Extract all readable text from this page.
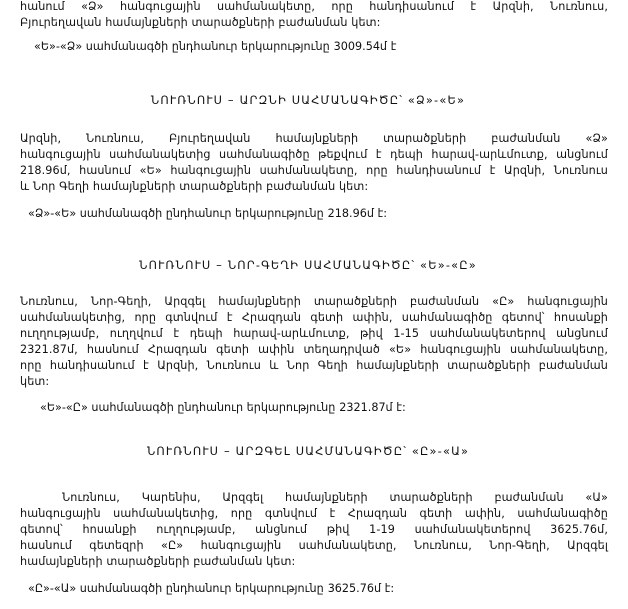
hանում «Ձ» hանգուցային սահմանակետը, որը hանդիսանում է Արզնի, Նուռնուս,
Բյուրեղավան hամայնքների տարածքների բաժանման կետ:
«Ե»-«Ձ» սահմանագծի ընդհանուր երկարությունը 3009.54մ է
ՆՈՒՌՆՈՒՍ – ԱՐԶՆԻ ՍԱՀՄԱՆԱԳԻԾԸ՝ «Ձ»-«Ե»
Արզնի, Նուռնուս, Բյուրեղավան hամայնքների տարածքների բաժանման «Ձ»
hանգուցային սահմանակետից սահմանագիծը թեքվում է դեպի hարավ-արևմուտք, անցնում
218.96մ, hասնում «Ե» hանգուցային սահմանակետը, որը hանդիսանում է Արզնի, Նուռնուս
և Նոր Գեղի hամայնքների տարածքների բաժանման կետ:
«Ձ»-«Ե» սահմանագծի ընդհանուր երկարությունը 218.96մ է:
ՆՈՒՌՆՈՒՍ – ՆՈՐ-ԳԵՂԻ ՍԱՀՄԱՆԱԳԻԾԸ՝ «Ե»-«Ը»
Նուռնուս, Նոր-Գեղի, Արզգել hամայնքների տարածքների բաժանման «Ը» hանգուցային
սահմանակետից, որը գտնվում է Հրազդան գետի ափին, սահմանագիծը գետով՝ հոսանքի
ուղղությամբ, ուղղվում է դեպի hարավ-արևմուտք, թիվ 1-15 սահմանակետերով անցնում
2321.87մ, hասնում Հրազդան գետի ափին տեղադրված «Ե» hանգուցային սահմանակետը,
որը hանդիսանում է Արզնի, Նուռնուս և Նոր Գեղի hամայնքների տարածքների բաժանման
կետ:
«Ե»-«Ը» սահմանագծի ընդհանուր երկարությունը 2321.87մ է:
ՆՈՒՌՆՈՒՍ – ԱՐԶԳԵԼ ՍԱՀՄԱՆԱԳԻԾԸ՝ «Ը»-«Ա»
Նուռնուս, Կարենիս, Արզգել hամայնքների տարածքների բաժանման «Ա»
hանգուցային սահմանակետից, որը գտնվում է Հրազդան գետի ափին, սահմանագիծը
գետով՝ հոսանքի ուղղությամբ, անցնում թիվ 1-19 սահմանակետերով 3625.76մ,
hասնում գետեզրի «Ը» hանգուցային սահմանակետը, Նուռնուս, Նոր-Գեղի, Արզգել
hամայնքների տարածքների բաժանման կետ:
«Ը»-«Ա» սահմանագծի ընդհանուր երկարությունը 3625.76մ է:
